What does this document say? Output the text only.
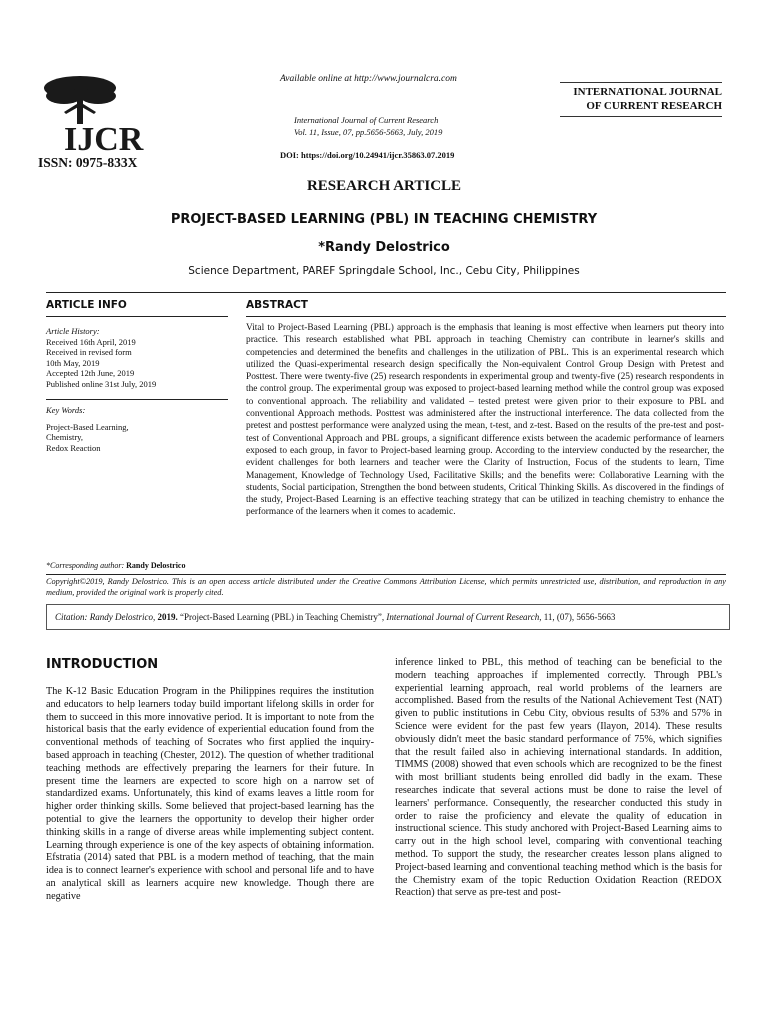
IJCR
ISSN: 0975-833X
Available online at http://www.journalcra.com
International Journal of Current Research
Vol. 11, Issue, 07, pp.5656-5663, July, 2019
DOI: https://doi.org/10.24941/ijcr.35863.07.2019
INTERNATIONAL JOURNAL
OF CURRENT RESEARCH
RESEARCH ARTICLE
PROJECT-BASED LEARNING (PBL) IN TEACHING CHEMISTRY
*Randy Delostrico
Science Department, PAREF Springdale School, Inc., Cebu City, Philippines
ARTICLE INFO	ABSTRACT
Article History:
Received 16th April, 2019
Received in revised form
10th May, 2019
Accepted 12th June, 2019
Published online 31st July, 2019
Key Words:
Project-Based Learning,
Chemistry,
Redox Reaction
Vital to Project-Based Learning (PBL) approach is the emphasis that leaning is most effective when learners put theory into practice. This research established what PBL approach in teaching Chemistry can contribute in learner's skills and competencies and determined the benefits and challenges in the utilization of PBL. This is an experimental research which utilized the Quasi-experimental research design specifically the Non-equivalent Control Group Design with Pretest and Posttest. There were twenty-five (25) research respondents in experimental group and twenty-five (25) research respondents in the control group. The experimental group was exposed to project-based learning method while the control group was exposed to conventional approach. The reliability and validated – tested pretest were given prior to their exposure to PBL and conventional Approach methods. Posttest was administered after the instructional interference. The data collected from the pretest and posttest performance were analyzed using the mean, t-test, and z-test. Based on the results of the pre-test and post-test of Conventional Approach and PBL groups, a significant difference exists between the academic performance of learners exposed to each group, in favor to Project-based learning group. According to the interview conducted by the researcher, the evident challenges for both learners and teacher were the Clarity of Instruction, Focus of the students to learn, Time Management, Knowledge of Technology Used, Facilitative Skills; and the benefits were: Collaborative Learning with the students, Social participation, Strengthen the bond between students, Critical Thinking Skills. As discovered in the findings of the study, Project-Based Learning is an effective teaching strategy that can be utilized in teaching chemistry to enhance the performance of the learners when it comes to academic.
*Corresponding author: Randy Delostrico
Copyright©2019, Randy Delostrico. This is an open access article distributed under the Creative Commons Attribution License, which permits unrestricted use, distribution, and reproduction in any medium, provided the original work is properly cited.
Citation: Randy Delostrico, 2019. “Project-Based Learning (PBL) in Teaching Chemistry”, International Journal of Current Research, 11, (07), 5656-5663
INTRODUCTION
The K-12 Basic Education Program in the Philippines requires the institution and educators to help learners today build important lifelong skills in order for them to succeed in this more innovative period. It is important to note from the historical basis that the early evidence of experiential education found from the conventional methods of teaching of Socrates who first applied the inquiry-based approach in teaching (Chester, 2012). The question of whether traditional teaching methods are effectively preparing the learners for their future. In present time the learners are expected to score high on a narrow set of standardized exams. Unfortunately, this kind of exams leaves a little room for higher order thinking skills. Some believed that project-based learning has the potential to give the learners the opportunity to develop their higher order thinking skills in a range of diverse areas while implementing subject content. Learning through experience is one of the key aspects of obtaining information. Efstratia (2014) sated that PBL is a modern method of teaching, that the main idea is to connect learner's experience with school and personal life and to have an analytical skill as learners acquire new knowledge. Though there are negative
inference linked to PBL, this method of teaching can be beneficial to the modern teaching approaches if implemented correctly. Through PBL's experiential learning approach, real world problems of the learners are accomplished. Based from the results of the National Achievement Test (NAT) given to public institutions in Cebu City, obvious results of 53% and 57% in Science were evident for the past few years (Ilayon, 2014). These results obviously didn't meet the basic standard performance of 75%, which signifies that the result failed also in achieving international standards. In addition, TIMMS (2008) showed that even schools which are recognized to be the finest with most brilliant students being enrolled did badly in the exam. These researches indicate that several actions must be done to raise the level of learners' performance. Consequently, the researcher conducted this study in order to raise the proficiency and elevate the quality of education in instructional science. This study anchored with Project-Based Learning aims to carry out in the high school level, comparing with conventional teaching method. To support the study, the researcher creates lesson plans aligned to Project-based learning and conventional teaching method which is the basis for the Chemistry exam of the topic Reduction Oxidation Reaction (REDOX Reaction) that serve as pre-test and post-
